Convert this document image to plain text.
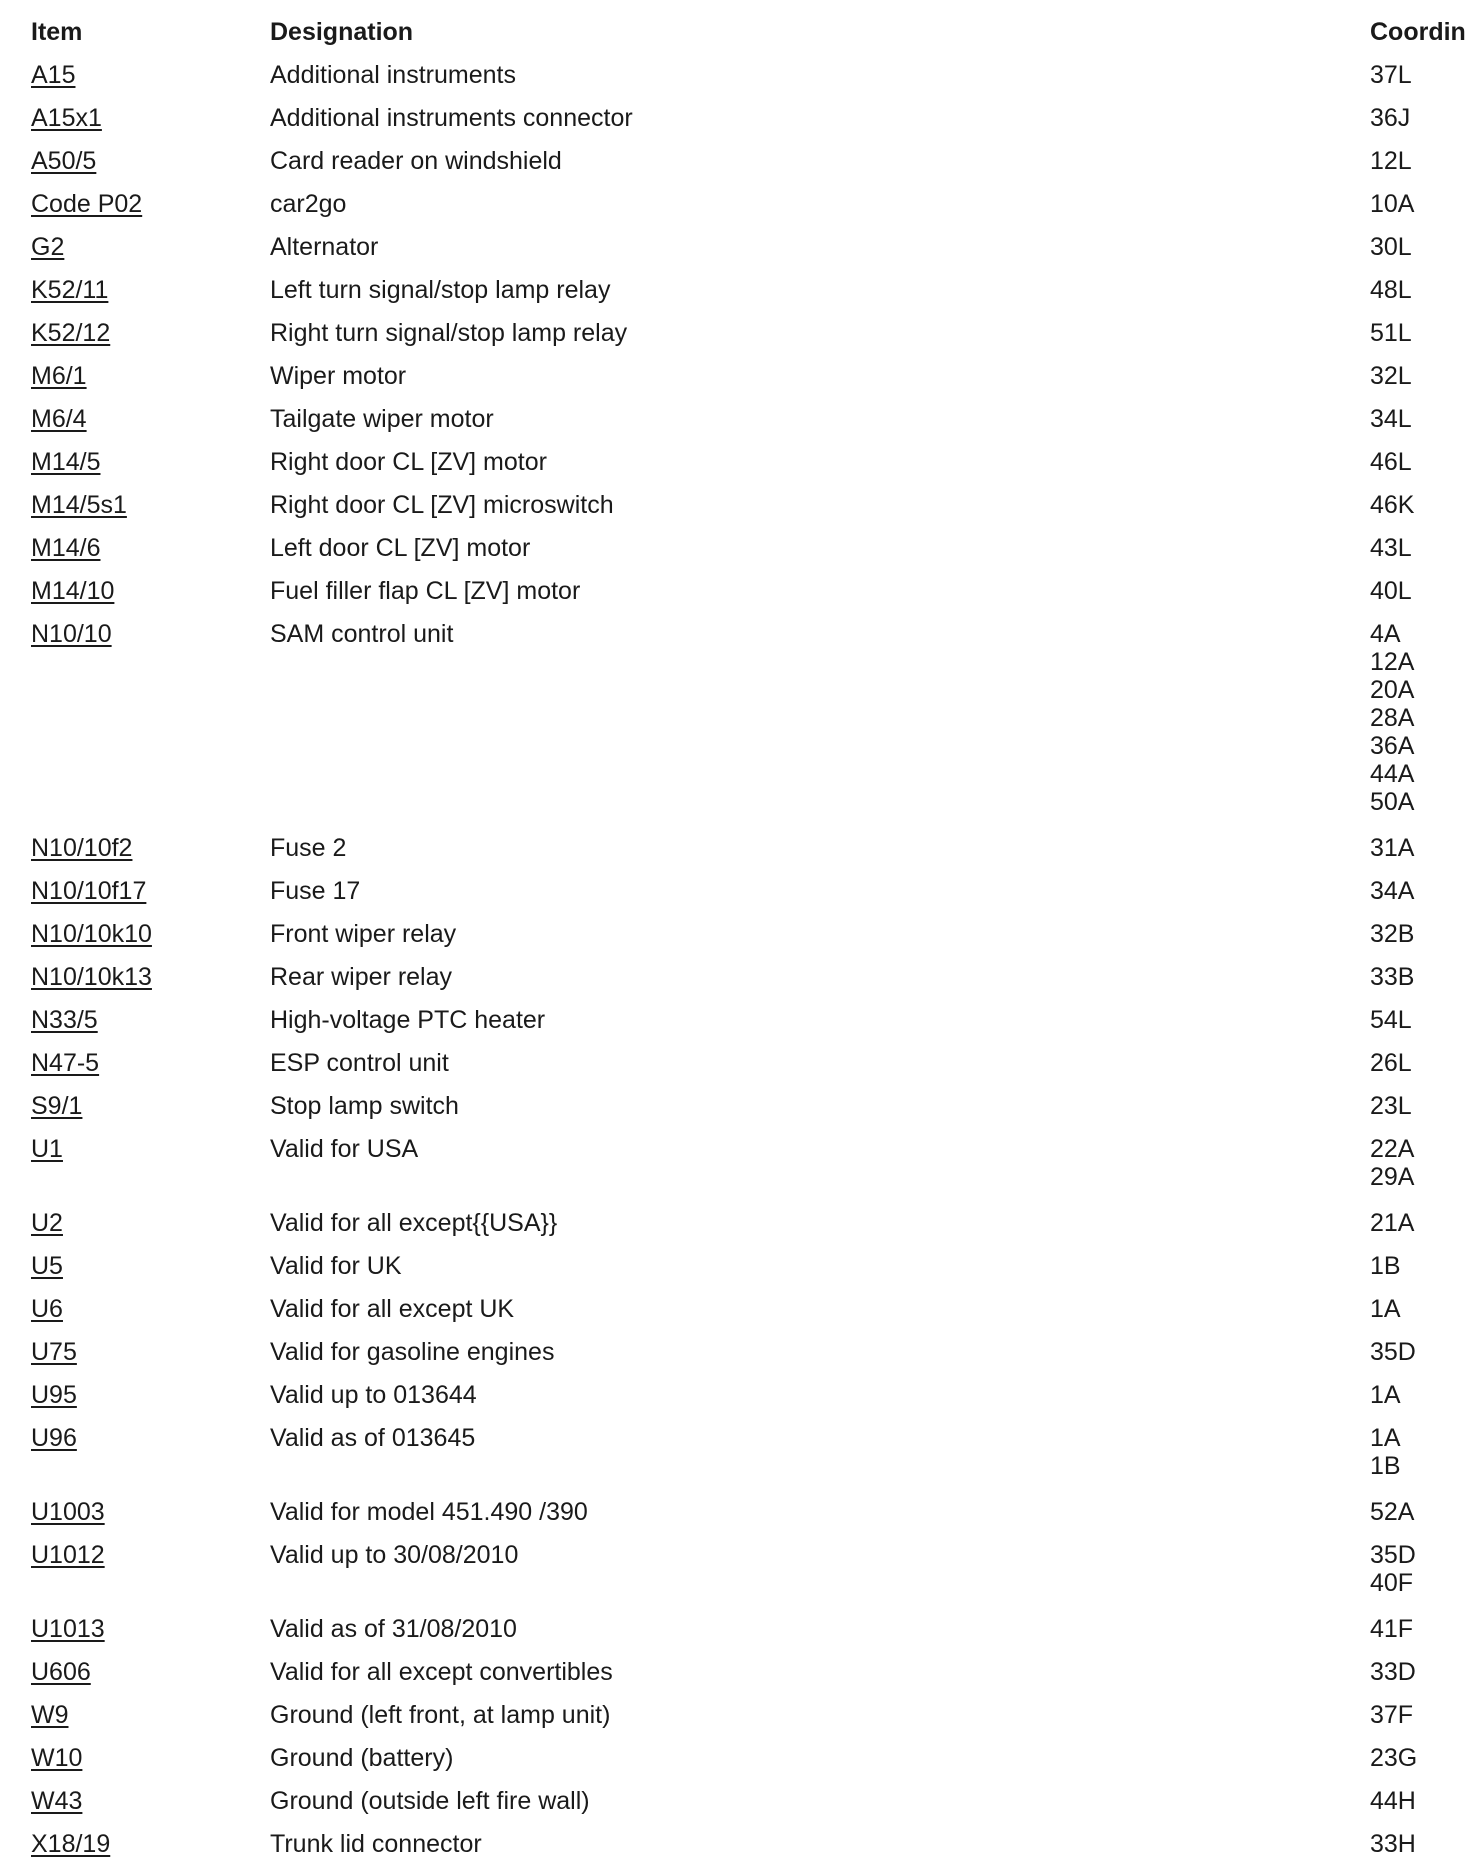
Item	Designation	Coordin
A15	Additional instruments	37L
A15x1	Additional instruments connector	36J
A50/5	Card reader on windshield	12L
Code P02	car2go	10A
G2	Alternator	30L
K52/11	Left turn signal/stop lamp relay	48L
K52/12	Right turn signal/stop lamp relay	51L
M6/1	Wiper motor	32L
M6/4	Tailgate wiper motor	34L
M14/5	Right door CL [ZV] motor	46L
M14/5s1	Right door CL [ZV] microswitch	46K
M14/6	Left door CL [ZV] motor	43L
M14/10	Fuel filler flap CL [ZV] motor	40L
N10/10	SAM control unit	4A
12A
20A
28A
36A
44A
50A
N10/10f2	Fuse 2	31A
N10/10f17	Fuse 17	34A
N10/10k10	Front wiper relay	32B
N10/10k13	Rear wiper relay	33B
N33/5	High-voltage PTC heater	54L
N47-5	ESP control unit	26L
S9/1	Stop lamp switch	23L
U1	Valid for USA	22A
29A
U2	Valid for all except{{USA}}	21A
U5	Valid for UK	1B
U6	Valid for all except UK	1A
U75	Valid for gasoline engines	35D
U95	Valid up to 013644	1A
U96	Valid as of 013645	1A
1B
U1003	Valid for model 451.490 /390	52A
U1012	Valid up to 30/08/2010	35D
40F
U1013	Valid as of 31/08/2010	41F
U606	Valid for all except convertibles	33D
W9	Ground (left front, at lamp unit)	37F
W10	Ground (battery)	23G
W43	Ground (outside left fire wall)	44H
X18/19	Trunk lid connector	33H
